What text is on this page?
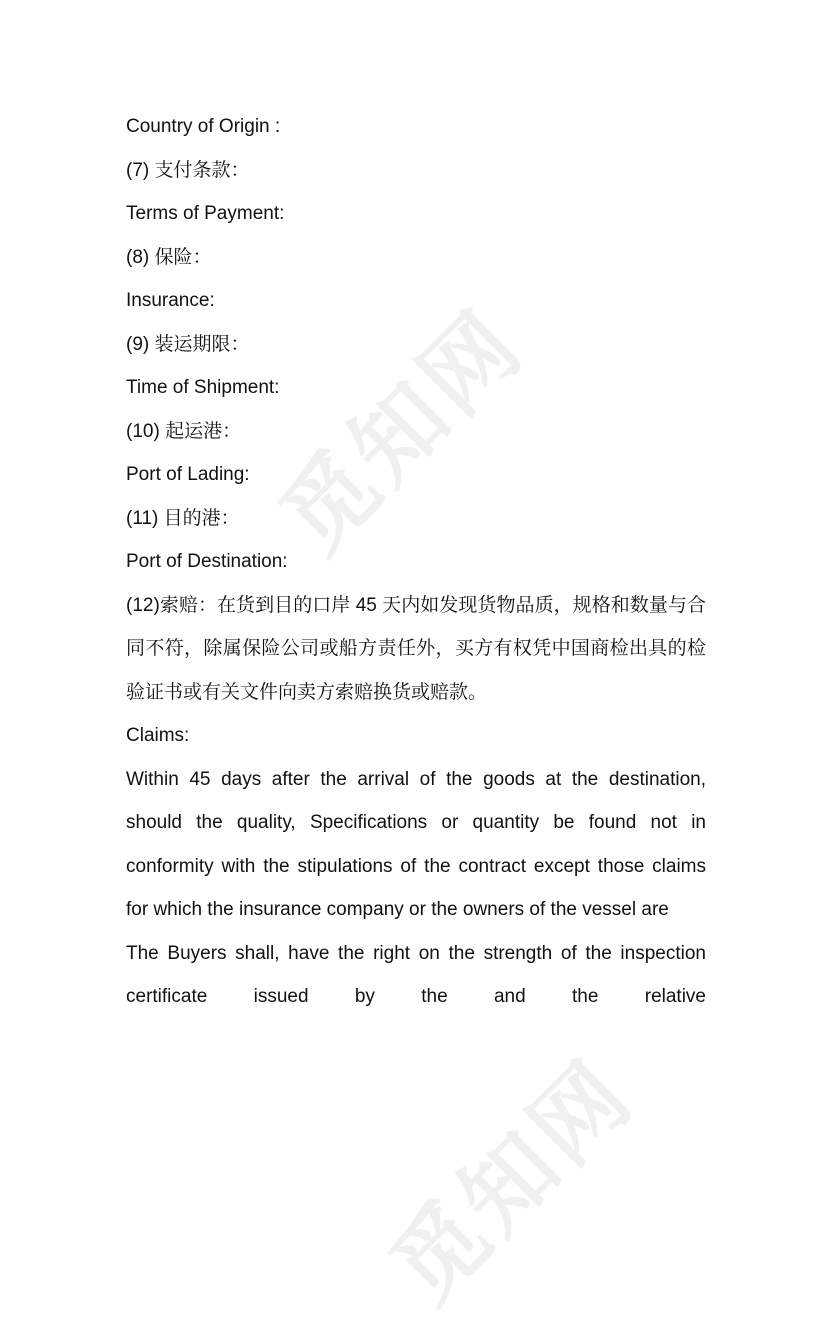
觅知网
觅知网

Country of Origin :

(7) 支付条款：

Terms of Payment:

(8) 保险：

Insurance:

(9) 装运期限：

Time of Shipment:

(10) 起运港：

Port of Lading:

(11) 目的港：

Port of Destination:

(12)索赔：在货到目的口岸 45 天内如发现货物品质，规格和数量与合同不符，除属保险公司或船方责任外，买方有权凭中国商检出具的检验证书或有关文件向卖方索赔换货或赔款。

Claims:

Within 45 days after the arrival of the goods at the destination, should the quality, Specifications or quantity be found not in conformity with the stipulations of the contract except those claims for which the insurance company or the owners of the vessel are

The Buyers shall, have the right on the strength of the inspection certificate issued by the and the relative
